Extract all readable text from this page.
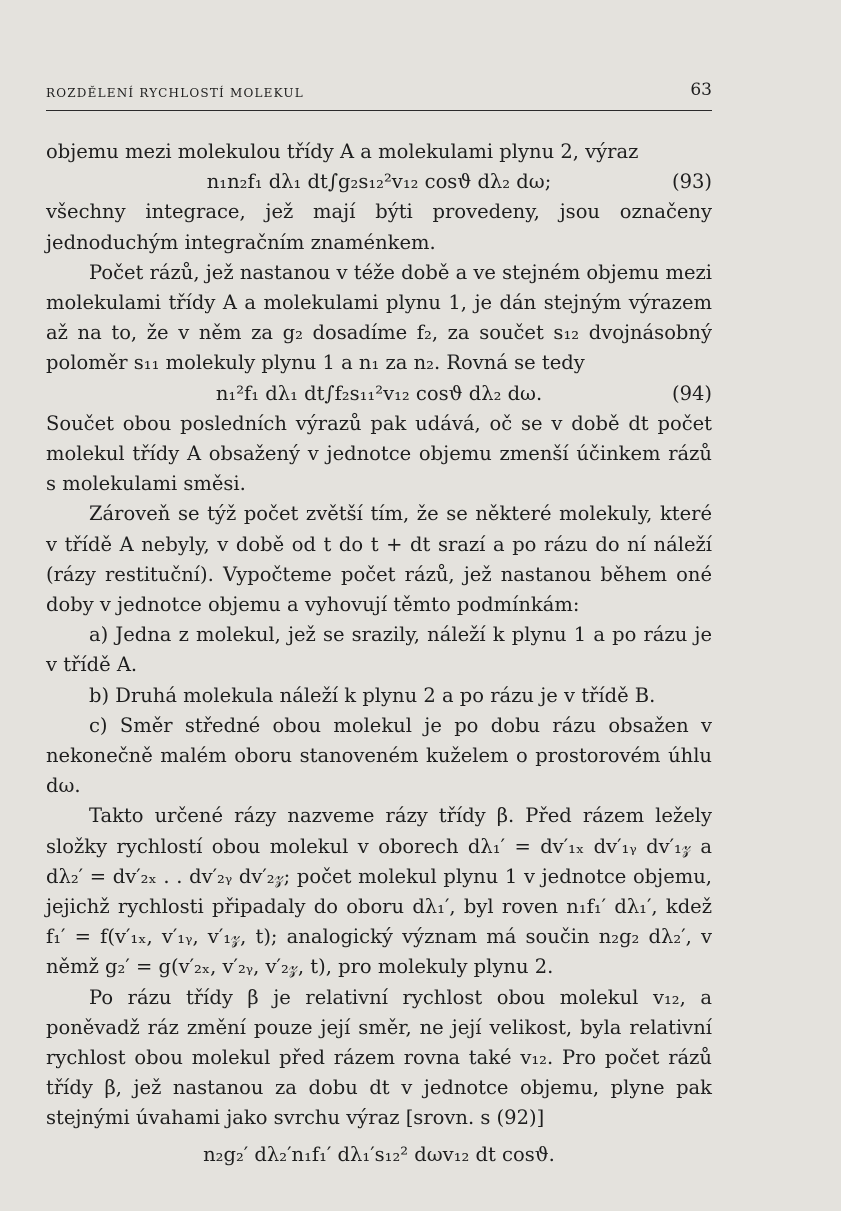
ROZDĚLENÍ RYCHLOSTÍ MOLEKUL	63

objemu mezi molekulou třídy A a molekulami plynu 2, výraz

n₁n₂f₁ dλ₁ dt∫g₂s₁₂²v₁₂ cosϑ dλ₂ dω;	(93)

všechny integrace, jež mají býti provedeny, jsou označeny jednoduchým integračním znaménkem.

Počet rázů, jež nastanou v téže době a ve stejném objemu mezi molekulami třídy A a molekulami plynu 1, je dán stejným výrazem až na to, že v něm za g₂ dosadíme f₂, za součet s₁₂ dvojnásobný poloměr s₁₁ molekuly plynu 1 a n₁ za n₂. Rovná se tedy

n₁²f₁ dλ₁ dt∫f₂s₁₁²v₁₂ cosϑ dλ₂ dω.	(94)

Součet obou posledních výrazů pak udává, oč se v době dt počet molekul třídy A obsažený v jednotce objemu zmenší účinkem rázů s molekulami směsi.

Zároveň se týž počet zvětší tím, že se některé molekuly, které v třídě A nebyly, v době od t do t + dt srazí a po rázu do ní náleží (rázy restituční). Vypočteme počet rázů, jež nastanou během oné doby v jednotce objemu a vyhovují těmto podmínkám:

a) Jedna z molekul, jež se srazily, náleží k plynu 1 a po rázu je v třídě A.

b) Druhá molekula náleží k plynu 2 a po rázu je v třídě B.

c) Směr středné obou molekul je po dobu rázu obsažen v nekonečně malém oboru stanoveném kuželem o prostorovém úhlu dω.

Takto určené rázy nazveme rázy třídy β. Před rázem ležely složky rychlostí obou molekul v oborech dλ₁′ = dv′₁ₓ dv′₁ᵧ dv′₁𝓏 a dλ₂′ = dv′₂ₓ . . dv′₂ᵧ dv′₂𝓏; počet molekul plynu 1 v jednotce objemu, jejichž rychlosti připadaly do oboru dλ₁′, byl roven n₁f₁′ dλ₁′, kdež f₁′ = f(v′₁ₓ, v′₁ᵧ, v′₁𝓏, t); analogický význam má součin n₂g₂ dλ₂′, v němž g₂′ = g(v′₂ₓ, v′₂ᵧ, v′₂𝓏, t), pro molekuly plynu 2.

Po rázu třídy β je relativní rychlost obou molekul v₁₂, a poněvadž ráz změní pouze její směr, ne její velikost, byla relativní rychlost obou molekul před rázem rovna také v₁₂. Pro počet rázů třídy β, jež nastanou za dobu dt v jednotce objemu, plyne pak stejnými úvahami jako svrchu výraz [srovn. s (92)]

n₂g₂′ dλ₂′n₁f₁′ dλ₁′s₁₂² dωv₁₂ dt cosϑ.
